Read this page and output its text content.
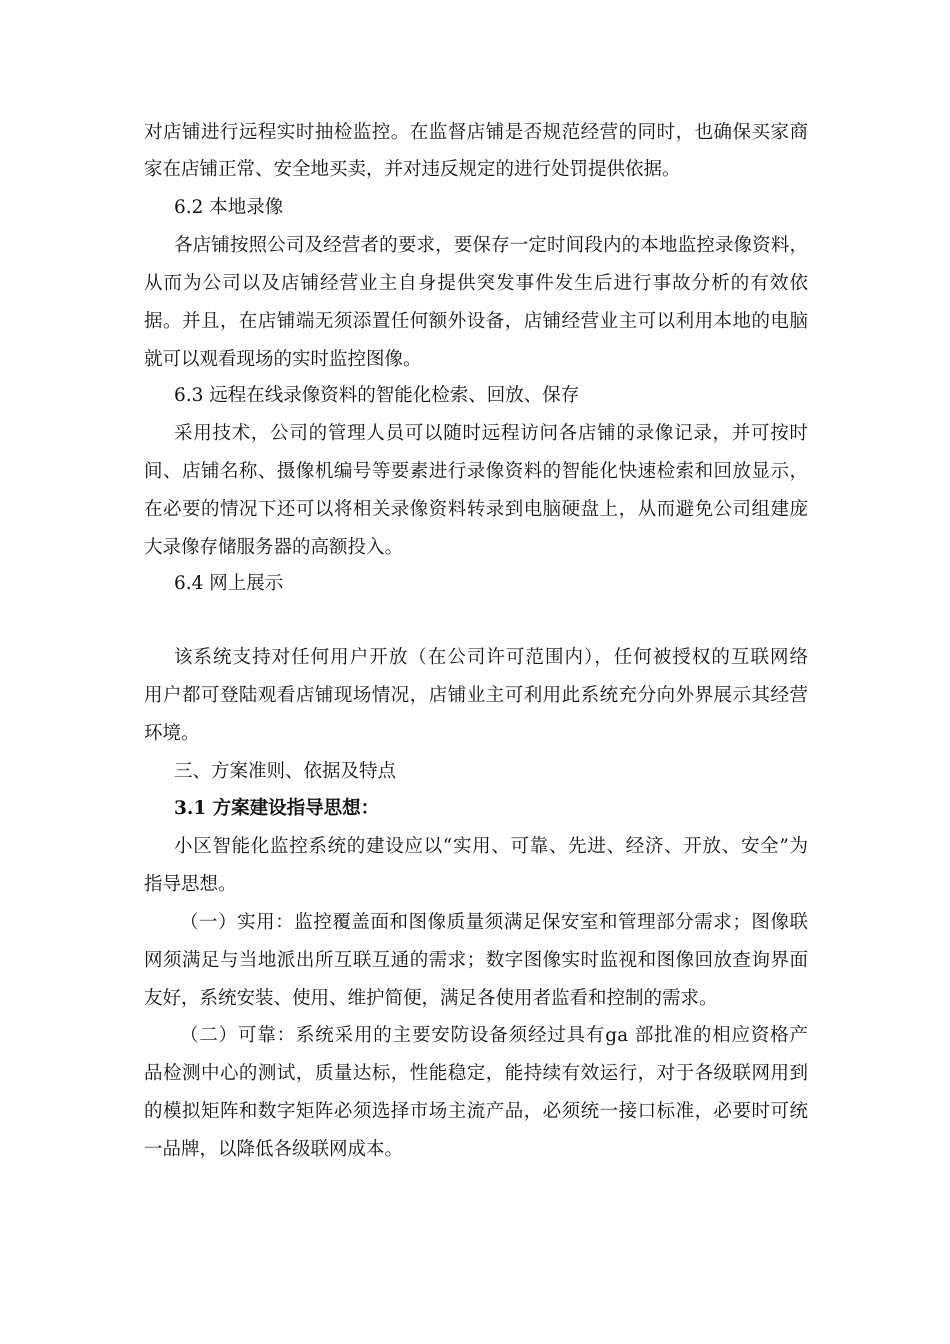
对店铺进行远程实时抽检监控。在监督店铺是否规范经营的同时，也确保买家商
家在店铺正常、安全地买卖，并对违反规定的进行处罚提供依据。
6.2 本地录像
各店铺按照公司及经营者的要求，要保存一定时间段内的本地监控录像资料，
从而为公司以及店铺经营业主自身提供突发事件发生后进行事故分析的有效依
据。并且，在店铺端无须添置任何额外设备，店铺经营业主可以利用本地的电脑
就可以观看现场的实时监控图像。
6.3 远程在线录像资料的智能化检索、回放、保存
采用技术，公司的管理人员可以随时远程访问各店铺的录像记录，并可按时
间、店铺名称、摄像机编号等要素进行录像资料的智能化快速检索和回放显示，
在必要的情况下还可以将相关录像资料转录到电脑硬盘上，从而避免公司组建庞
大录像存储服务器的高额投入。
6.4 网上展示
该系统支持对任何用户开放（在公司许可范围内），任何被授权的互联网络
用户都可登陆观看店铺现场情况，店铺业主可利用此系统充分向外界展示其经营
环境。
三、方案准则、依据及特点
3.1 方案建设指导思想：
小区智能化监控系统的建设应以“实用、可靠、先进、经济、开放、安全”为
指导思想。
（一）实用：监控覆盖面和图像质量须满足保安室和管理部分需求；图像联
网须满足与当地派出所互联互通的需求；数字图像实时监视和图像回放查询界面
友好，系统安装、使用、维护简便，满足各使用者监看和控制的需求。
（二）可靠：系统采用的主要安防设备须经过具有ga 部批准的相应资格产
品检测中心的测试，质量达标，性能稳定，能持续有效运行，对于各级联网用到
的模拟矩阵和数字矩阵必须选择市场主流产品，必须统一接口标准，必要时可统
一品牌，以降低各级联网成本。
